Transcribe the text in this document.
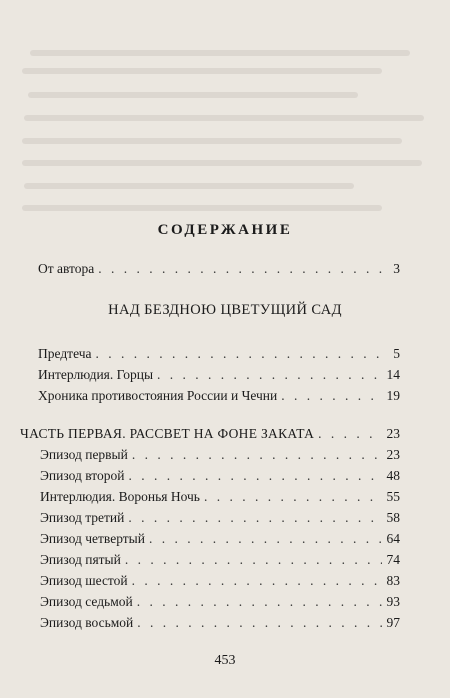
СОДЕРЖАНИЕ
От автора . . .	3
НАД БЕЗДНОЮ ЦВЕТУЩИЙ САД
Предтеча . . .	5
Интерлюдия. Горцы . . .	14
Хроника противостояния России и Чечни . . .	19
ЧАСТЬ ПЕРВАЯ. РАССВЕТ НА ФОНЕ ЗАКАТА . . .	23
Эпизод первый . . .	23
Эпизод второй . . .	48
Интерлюдия. Воронья Ночь . . .	55
Эпизод третий . . .	58
Эпизод четвертый . . .	64
Эпизод пятый . . .	74
Эпизод шестой . . .	83
Эпизод седьмой . . .	93
Эпизод восьмой . . .	97
453
